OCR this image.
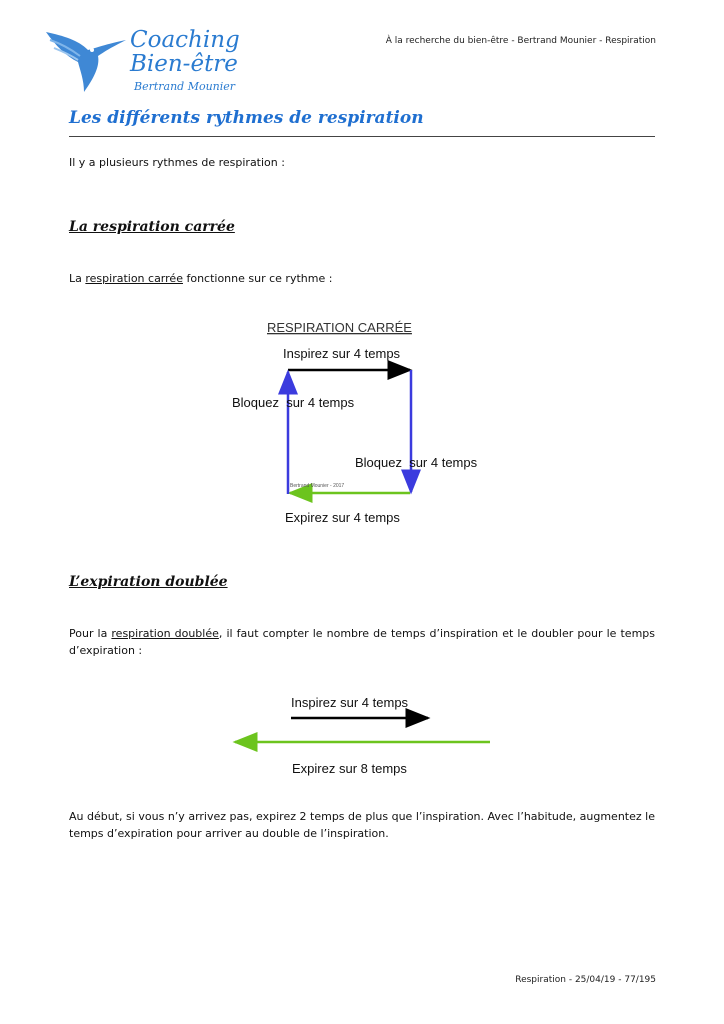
Coaching
Bien-être
Bertrand Mounier
À la recherche du bien-être - Bertrand Mounier - Respiration
Les différents rythmes de respiration
Il y a plusieurs rythmes de respiration :
La respiration carrée
La respiration carrée fonctionne sur ce rythme :
RESPIRATION CARRÉE
Inspirez sur 4 temps
Bloquez  sur 4 temps
Bloquez  sur 4 temps
Bertrand Mounier - 2017
Expirez sur 4 temps
L’expiration doublée
Pour la respiration doublée, il faut compter le nombre de temps d’inspiration et le doubler pour le temps d’expiration :
Inspirez sur 4 temps
Expirez sur 8 temps
Au début, si vous n’y arrivez pas, expirez 2 temps de plus que l’inspiration. Avec l’habitude, augmentez le temps d’expiration pour arriver au double de l’inspiration.
Respiration - 25/04/19 - 77/195
